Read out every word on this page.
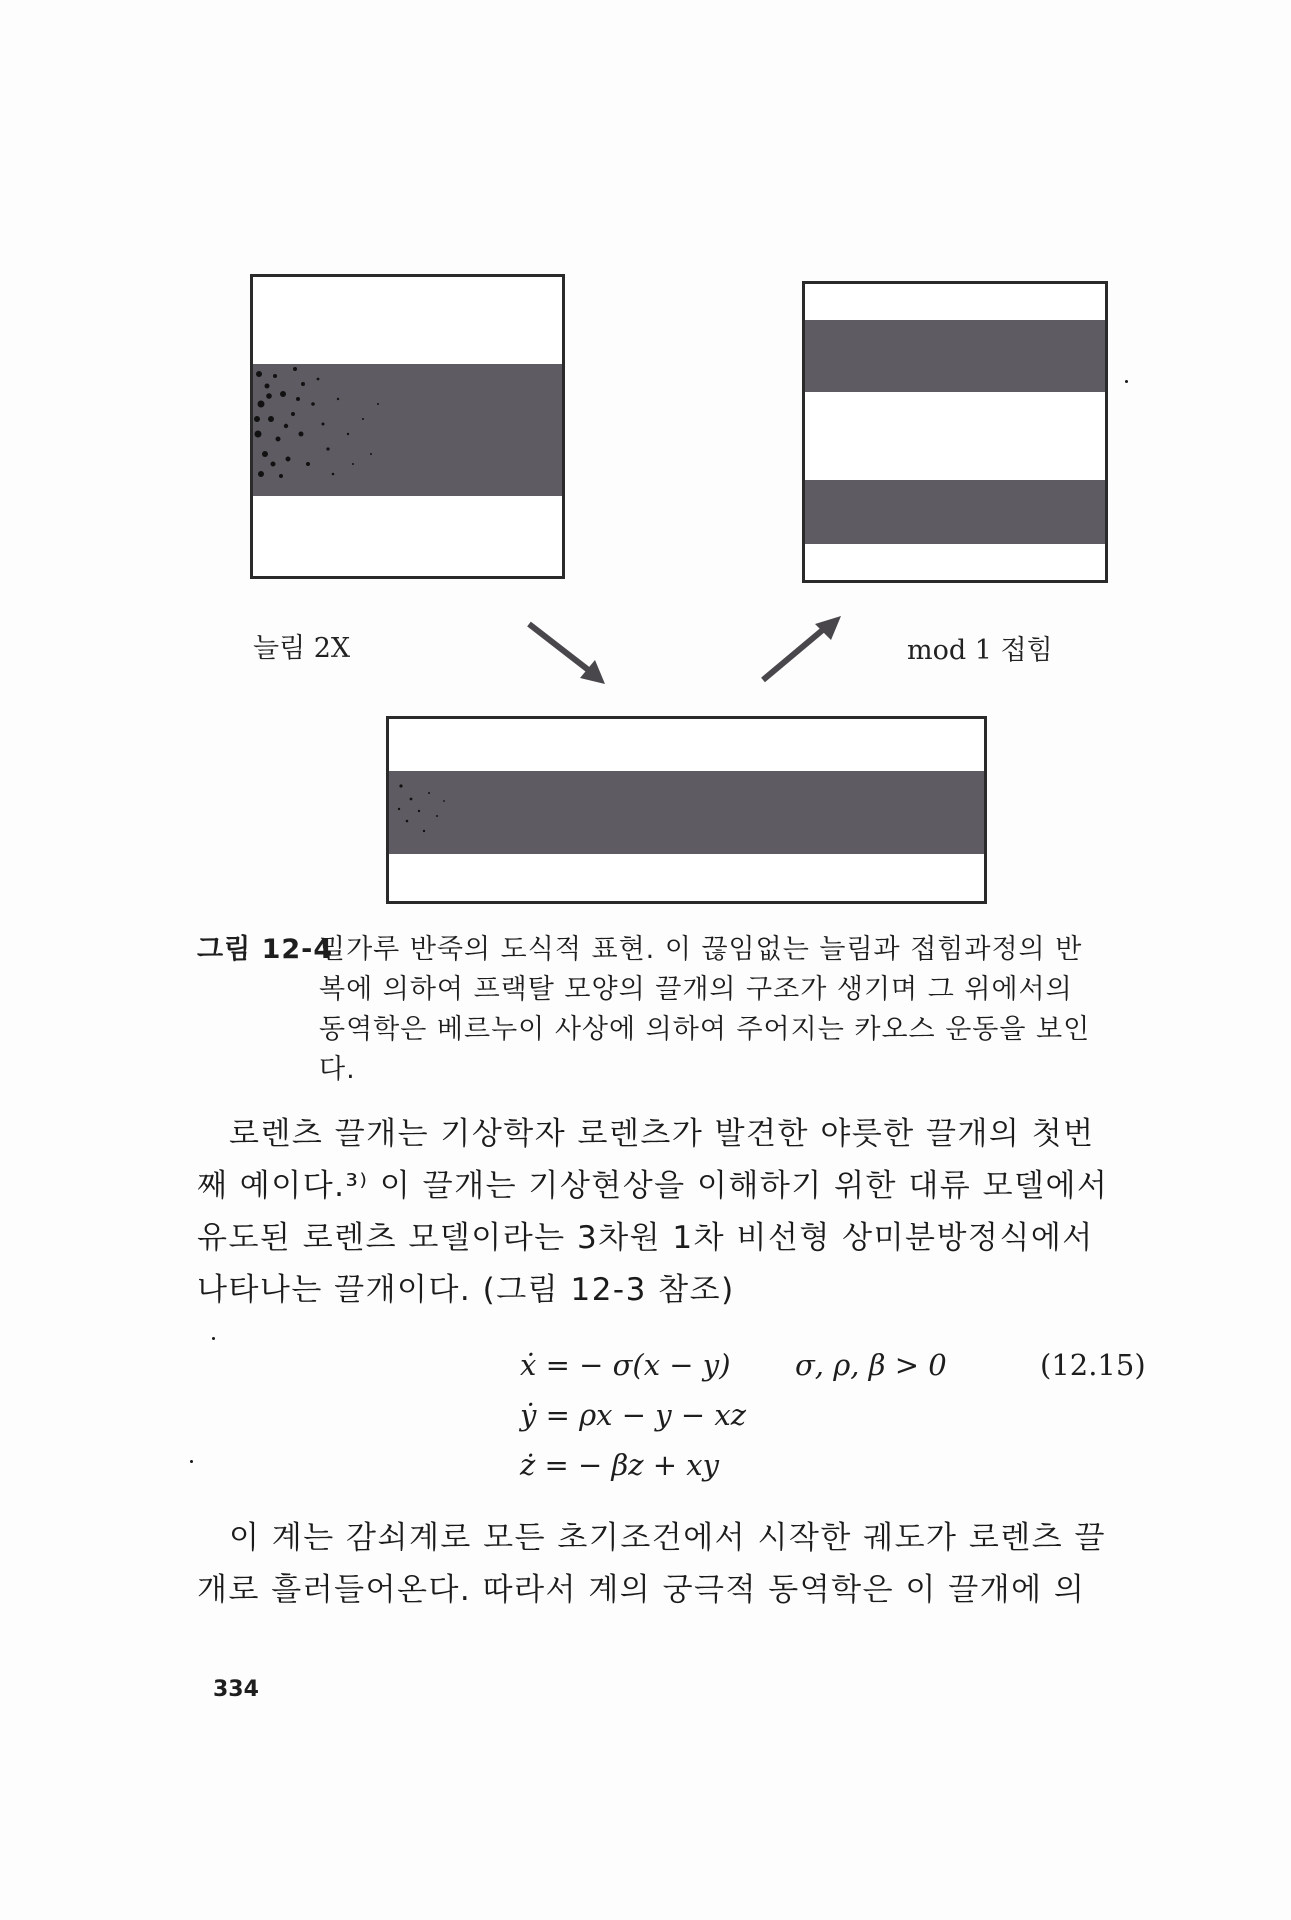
늘림 2X	mod 1 접힘
그림 12-4밀가루 반죽의 도식적 표현. 이 끊임없는 늘림과 접힘과정의 반
복에 의하여 프랙탈 모양의 끌개의 구조가 생기며 그 위에서의
동역학은 베르누이 사상에 의하여 주어지는 카오스 운동을 보인
다.
로렌츠 끌개는 기상학자 로렌츠가 발견한 야릇한 끌개의 첫번
째 예이다.³⁾ 이 끌개는 기상현상을 이해하기 위한 대류 모델에서
유도된 로렌츠 모델이라는 3차원 1차 비선형 상미분방정식에서
나타나는 끌개이다. (그림 12-3 참조)
ẋ = − σ(x − y)
ẏ = ρx − y − xz
ż = − βz + xy
σ, ρ, β > 0	(12.15)
이 계는 감쇠계로 모든 초기조건에서 시작한 궤도가 로렌츠 끌
개로 흘러들어온다. 따라서 계의 궁극적 동역학은 이 끌개에 의
334
